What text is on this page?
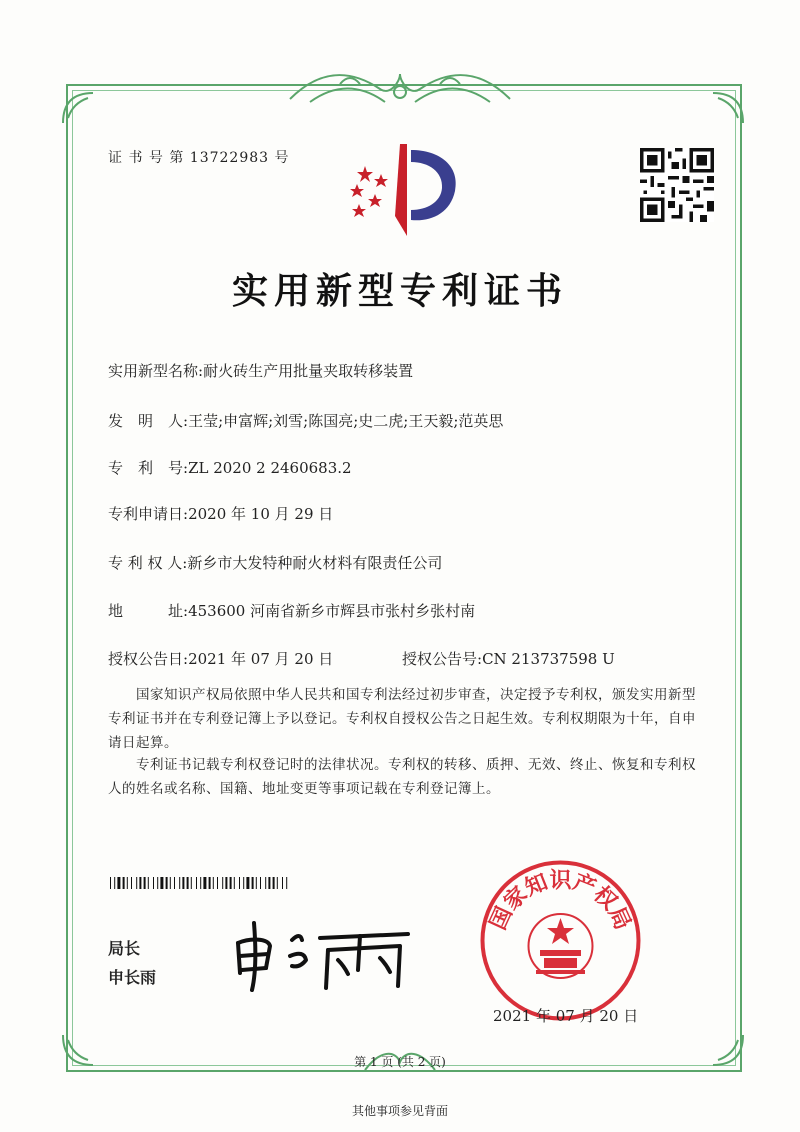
证 书 号 第 13722983 号
实用新型专利证书
实用新型名称:耐火砖生产用批量夹取转移装置
发　明　人:王莹;申富辉;刘雪;陈国亮;史二虎;王天毅;范英思
专　利　号:ZL 2020 2 2460683.2
专利申请日:2020 年 10 月 29 日
专 利 权 人:新乡市大发特种耐火材料有限责任公司
地　　　址:453600 河南省新乡市辉县市张村乡张村南
授权公告日:2021 年 07 月 20 日	授权公告号:CN 213737598 U
　　国家知识产权局依照中华人民共和国专利法经过初步审查，决定授予专利权，颁发实用新型专利证书并在专利登记簿上予以登记。专利权自授权公告之日起生效。专利权期限为十年，自申请日起算。
　　专利证书记载专利权登记时的法律状况。专利权的转移、质押、无效、终止、恢复和专利权人的姓名或名称、国籍、地址变更等事项记载在专利登记簿上。
局长
申长雨
国家知识产权局
2021 年 07 月 20 日
第 1 页 (共 2 页)
其他事项参见背面
